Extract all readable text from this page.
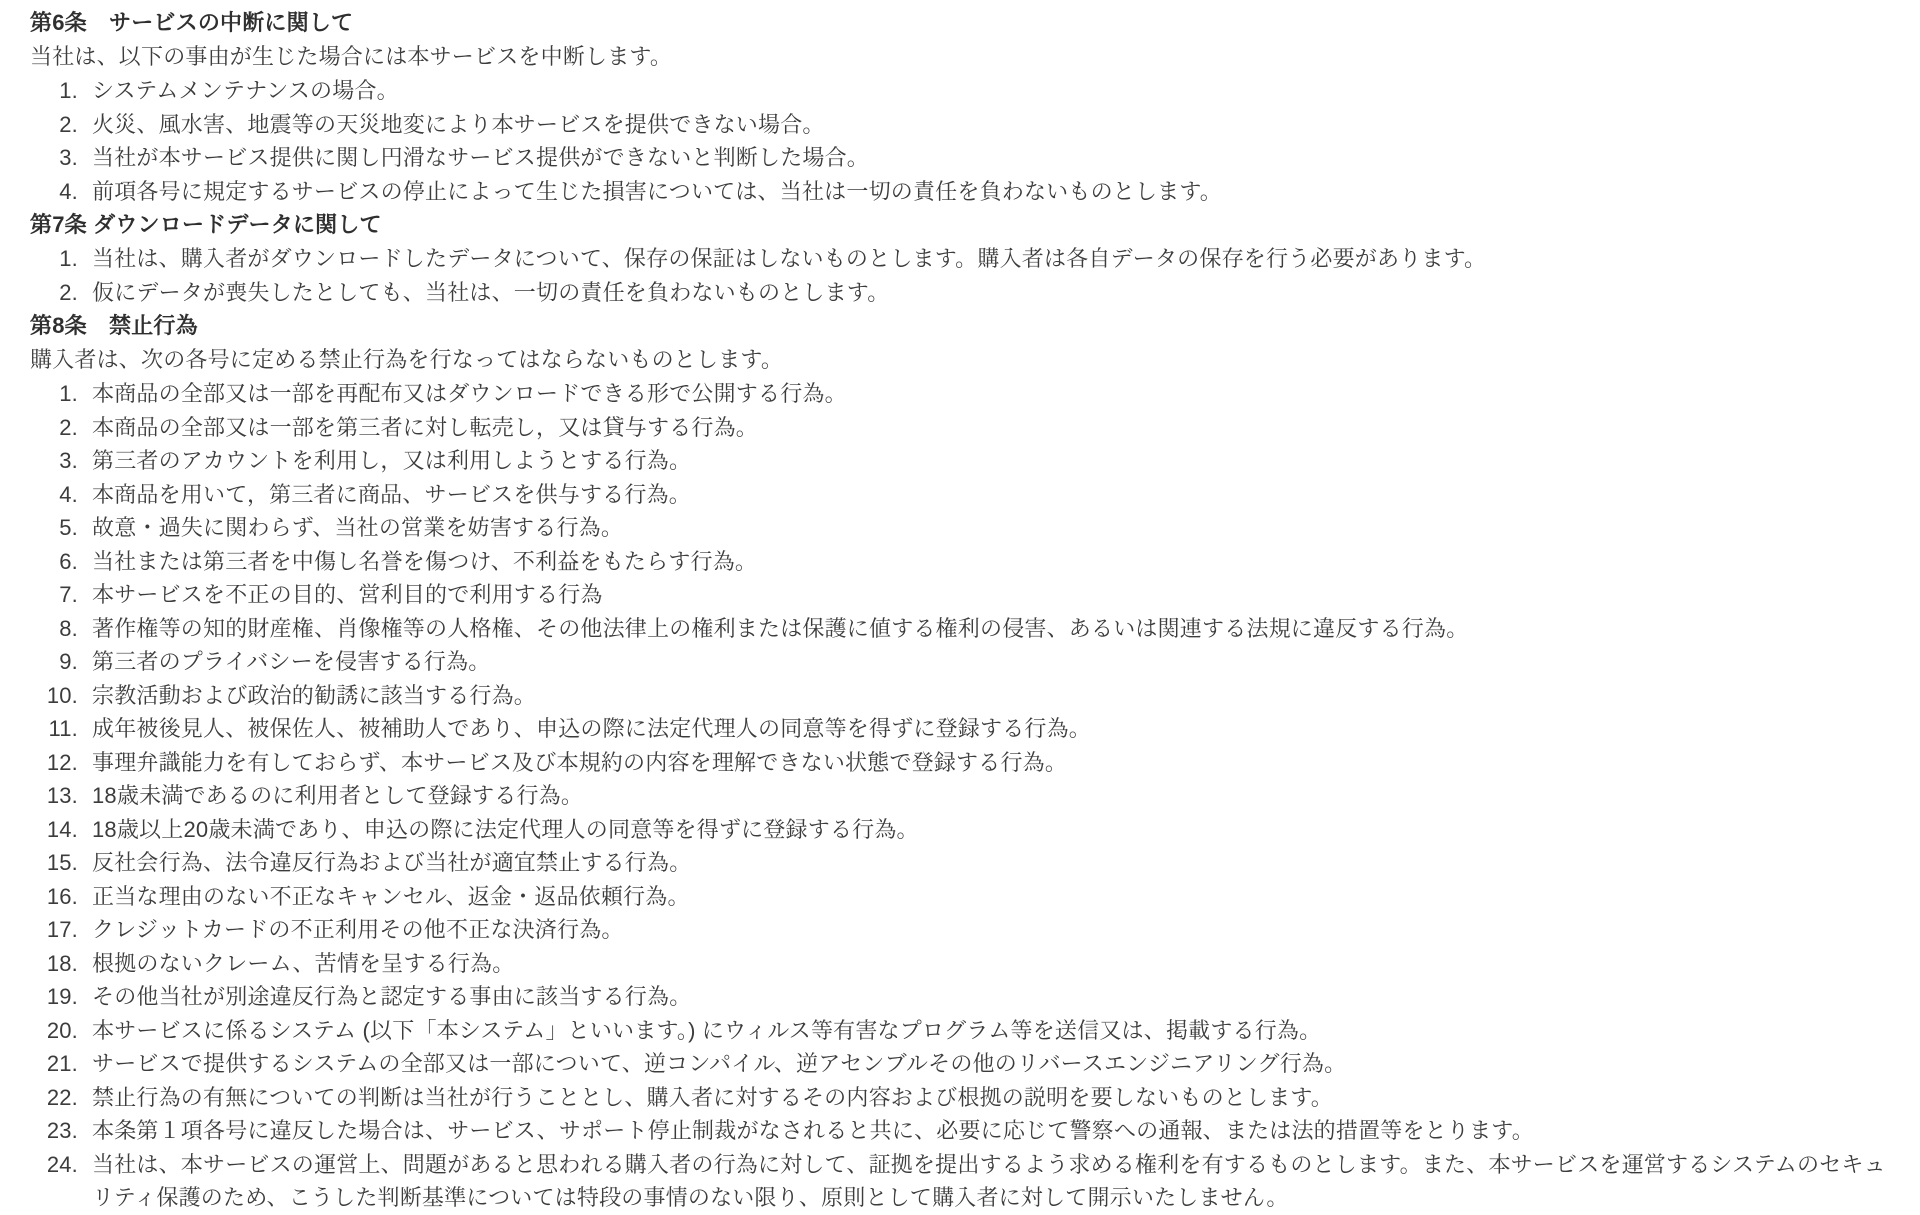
第6条　サービスの中断に関して
当社は、以下の事由が生じた場合には本サービスを中断します。
1. システムメンテナンスの場合。
2. 火災、風水害、地震等の天災地変により本サービスを提供できない場合。
3. 当社が本サービス提供に関し円滑なサービス提供ができないと判断した場合。
4. 前項各号に規定するサービスの停止によって生じた損害については、当社は一切の責任を負わないものとします。
第7条 ダウンロードデータに関して
1. 当社は、購入者がダウンロードしたデータについて、保存の保証はしないものとします。購入者は各自データの保存を行う必要があります。
2. 仮にデータが喪失したとしても、当社は、一切の責任を負わないものとします。
第8条　禁止行為
購入者は、次の各号に定める禁止行為を行なってはならないものとします。
1. 本商品の全部又は一部を再配布又はダウンロードできる形で公開する行為。
2. 本商品の全部又は一部を第三者に対し転売し，又は貸与する行為。
3. 第三者のアカウントを利用し，又は利用しようとする行為。
4. 本商品を用いて，第三者に商品、サービスを供与する行為。
5. 故意・過失に関わらず、当社の営業を妨害する行為。
6. 当社または第三者を中傷し名誉を傷つけ、不利益をもたらす行為。
7. 本サービスを不正の目的、営利目的で利用する行為
8. 著作権等の知的財産権、肖像権等の人格権、その他法律上の権利または保護に値する権利の侵害、あるいは関連する法規に違反する行為。
9. 第三者のプライバシーを侵害する行為。
10. 宗教活動および政治的勧誘に該当する行為。
11. 成年被後見人、被保佐人、被補助人であり、申込の際に法定代理人の同意等を得ずに登録する行為。
12. 事理弁識能力を有しておらず、本サービス及び本規約の内容を理解できない状態で登録する行為。
13. 18歳未満であるのに利用者として登録する行為。
14. 18歳以上20歳未満であり、申込の際に法定代理人の同意等を得ずに登録する行為。
15. 反社会行為、法令違反行為および当社が適宜禁止する行為。
16. 正当な理由のない不正なキャンセル、返金・返品依頼行為。
17. クレジットカードの不正利用その他不正な決済行為。
18. 根拠のないクレーム、苦情を呈する行為。
19. その他当社が別途違反行為と認定する事由に該当する行為。
20. 本サービスに係るシステム (以下「本システム」といいます。) にウィルス等有害なプログラム等を送信又は、掲載する行為。
21. サービスで提供するシステムの全部又は一部について、逆コンパイル、逆アセンブルその他のリバースエンジニアリング行為。
22. 禁止行為の有無についての判断は当社が行うこととし、購入者に対するその内容および根拠の説明を要しないものとします。
23. 本条第１項各号に違反した場合は、サービス、サポート停止制裁がなされると共に、必要に応じて警察への通報、または法的措置等をとります。
24. 当社は、本サービスの運営上、問題があると思われる購入者の行為に対して、証拠を提出するよう求める権利を有するものとします。また、本サービスを運営するシステムのセキュリティ保護のため、こうした判断基準については特段の事情のない限り、原則として購入者に対して開示いたしません。
